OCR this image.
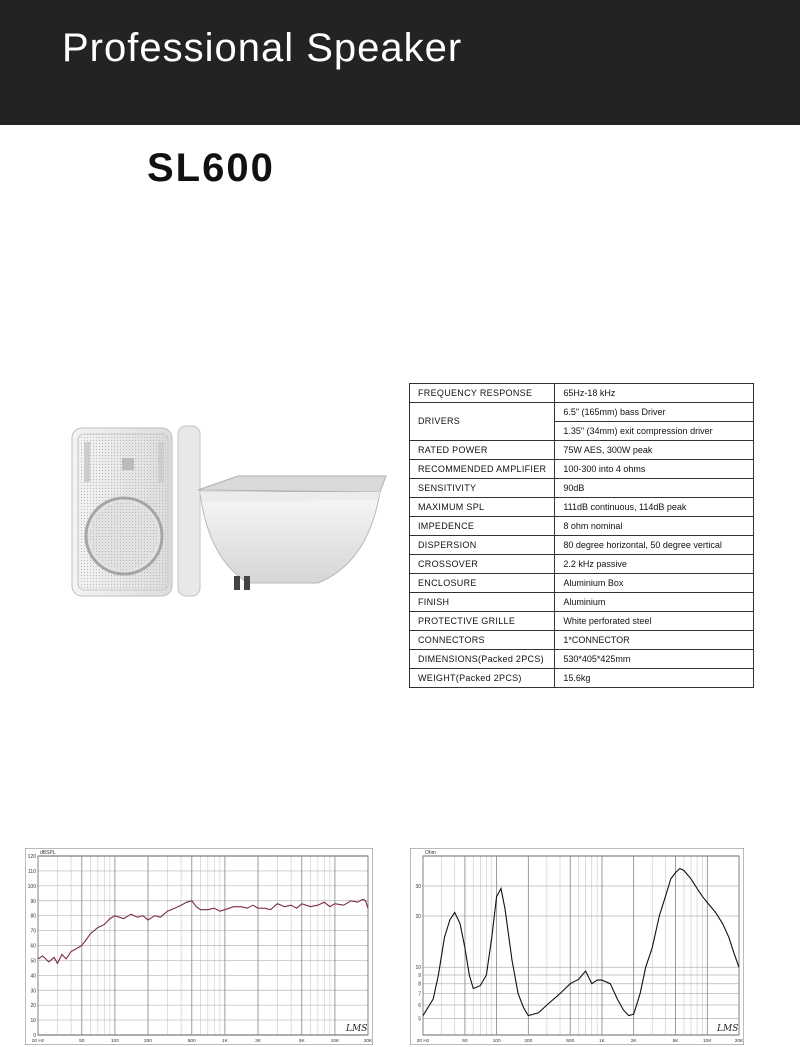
Professional Speaker
SL600
FREQUENCY RESPONSE	65Hz-18 kHz
DRIVERS	6.5" (165mm) bass Driver
	1.35" (34mm) exit compression driver
RATED POWER	75W AES, 300W peak
RECOMMENDED AMPLIFIER	100-300 into 4 ohms
SENSITIVITY	90dB
MAXIMUM SPL	111dB continuous, 114dB peak
IMPEDENCE	8 ohm nominal
DISPERSION	80 degree horizontal, 50 degree vertical
CROSSOVER	2.2 kHz passive
ENCLOSURE	Aluminium Box
FINISH	Aluminium
PROTECTIVE GRILLE	White perforated steel
CONNECTORS	1*CONNECTOR
DIMENSIONS(Packed 2PCS)	530*405*425mm
WEIGHT(Packed 2PCS)	15.6kg
0
10
20
30
40
50
60
70
80
90
100
110
120
20 Hz	50	100	200	500	1K	2K	5K	10K	20K
dBSPL
LMS
5
6
7
8
9
10
20
30
20 Hz	50	100	200	500	1K	2K	5K	10K	20K
Ohm
LMS
